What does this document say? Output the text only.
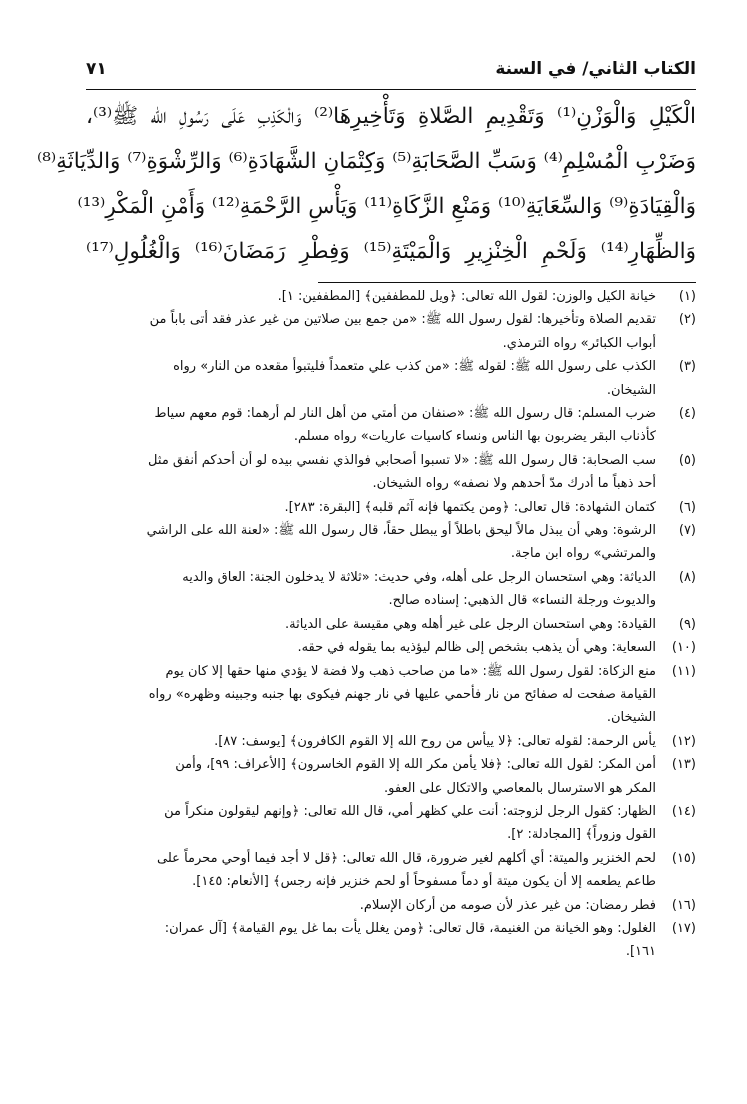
الكتاب الثاني/ في السنة
٧١
الْكَيْلِ وَالْوَزْنِ⁽¹⁾ وَتَقْدِيمِ الصَّلاةِ وَتَأْخِيرِهَا⁽²⁾ وَالْكَذِبِ عَلَى رَسُولِ الله ﷺ⁽³⁾،
وَضَرْبِ الْمُسْلِمِ⁽⁴⁾ وَسَبِّ الصَّحَابَةِ⁽⁵⁾ وَكِتْمَانِ الشَّهَادَةِ⁽⁶⁾ وَالرِّشْوَةِ⁽⁷⁾ وَالدِّيَاثَةِ⁽⁸⁾
وَالْقِيَادَةِ⁽⁹⁾ وَالسِّعَايَةِ⁽¹⁰⁾ وَمَنْعِ الزَّكَاةِ⁽¹¹⁾ وَيَأْسِ الرَّحْمَةِ⁽¹²⁾ وَأَمْنِ الْمَكْرِ⁽¹³⁾
وَالظِّهَارِ⁽¹⁴⁾ وَلَحْمِ الْخِنْزِيرِ وَالْمَيْتَةِ⁽¹⁵⁾ وَفِطْرِ رَمَضَانَ⁽¹⁶⁾ وَالْغُلُولِ⁽¹⁷⁾
(١)
خيانة الكيل والوزن: لقول الله تعالى: ﴿ويل للمطففين﴾ [المطففين: ١].
(٢)
تقديم الصلاة وتأخيرها: لقول رسول الله ﷺ: «من جمع بين صلاتين من غير عذر فقد أتى باباً من
أبواب الكبائر» رواه الترمذي.
(٣)
الكذب على رسول الله ﷺ: لقوله ﷺ: «من كذب علي متعمداً فليتبوأ مقعده من النار» رواه
الشيخان.
(٤)
ضرب المسلم: قال رسول الله ﷺ: «صنفان من أمتي من أهل النار لم أرهما: قوم معهم سياط
كأذناب البقر يضربون بها الناس ونساء كاسيات عاريات» رواه مسلم.
(٥)
سب الصحابة: قال رسول الله ﷺ: «لا تسبوا أصحابي فوالذي نفسي بيده لو أن أحدكم أنفق مثل
أحد ذهباً ما أدرك مدّ أحدهم ولا نصفه» رواه الشيخان.
(٦)
كتمان الشهادة: قال تعالى: ﴿ومن يكتمها فإنه آثم قلبه﴾ [البقرة: ٢٨٣].
(٧)
الرشوة: وهي أن يبذل مالاً ليحق باطلاً أو يبطل حقاً، قال رسول الله ﷺ: «لعنة الله على الراشي
والمرتشي» رواه ابن ماجة.
(٨)
الدياثة: وهي استحسان الرجل على أهله، وفي حديث: «ثلاثة لا يدخلون الجنة: العاق والديه
والديوث ورجلة النساء» قال الذهبي: إسناده صالح.
(٩)
القيادة: وهي استحسان الرجل على غير أهله وهي مقيسة على الدياثة.
(١٠)
السعاية: وهي أن يذهب بشخص إلى ظالم ليؤذيه بما يقوله في حقه.
(١١)
منع الزكاة: لقول رسول الله ﷺ: «ما من صاحب ذهب ولا فضة لا يؤدي منها حقها إلا كان يوم
القيامة صفحت له صفائح من نار فأحمي عليها في نار جهنم فيكوى بها جنبه وجبينه وظهره» رواه
الشيخان.
(١٢)
يأس الرحمة: لقوله تعالى: ﴿لا ييأس من روح الله إلا القوم الكافرون﴾ [يوسف: ٨٧].
(١٣)
أمن المكر: لقول الله تعالى: ﴿فلا يأمن مكر الله إلا القوم الخاسرون﴾ [الأعراف: ٩٩]، وأمن
المكر هو الاسترسال بالمعاصي والاتكال على العفو.
(١٤)
الظهار: كقول الرجل لزوجته: أنت علي كظهر أمي، قال الله تعالى: ﴿وإنهم ليقولون منكراً من
القول وزوراً﴾ [المجادلة: ٢].
(١٥)
لحم الخنزير والميتة: أي أكلهم لغير ضرورة، قال الله تعالى: ﴿قل لا أجد فيما أوحي محرماً على
طاعم يطعمه إلا أن يكون ميتة أو دماً مسفوحاً أو لحم خنزير فإنه رجس﴾ [الأنعام: ١٤٥].
(١٦)
فطر رمضان: من غير عذر لأن صومه من أركان الإسلام.
(١٧)
الغلول: وهو الخيانة من الغنيمة، قال تعالى: ﴿ومن يغلل يأت بما غل يوم القيامة﴾ [آل عمران:
١٦١].
